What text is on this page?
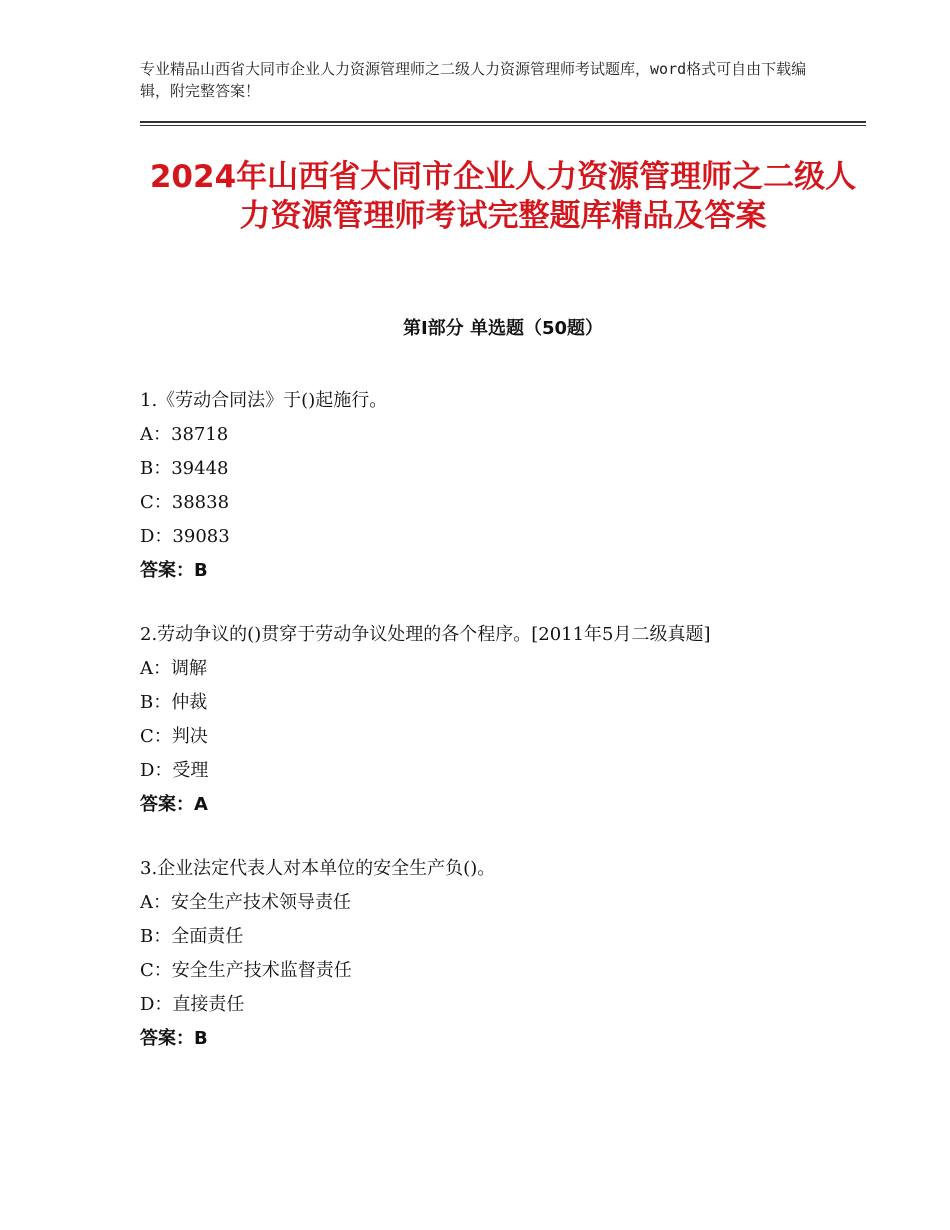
专业精品山西省大同市企业人力资源管理师之二级人力资源管理师考试题库，word格式可自由下载编辑，附完整答案！
2024年山西省大同市企业人力资源管理师之二级人力资源管理师考试完整题库精品及答案
第Ⅰ部分 单选题（50题）
1.《劳动合同法》于()起施行。
A：38718
B：39448
C：38838
D：39083
答案：B
2.劳动争议的()贯穿于劳动争议处理的各个程序。[2011年5月二级真题]
A：调解
B：仲裁
C：判决
D：受理
答案：A
3.企业法定代表人对本单位的安全生产负()。
A：安全生产技术领导责任
B：全面责任
C：安全生产技术监督责任
D：直接责任
答案：B
